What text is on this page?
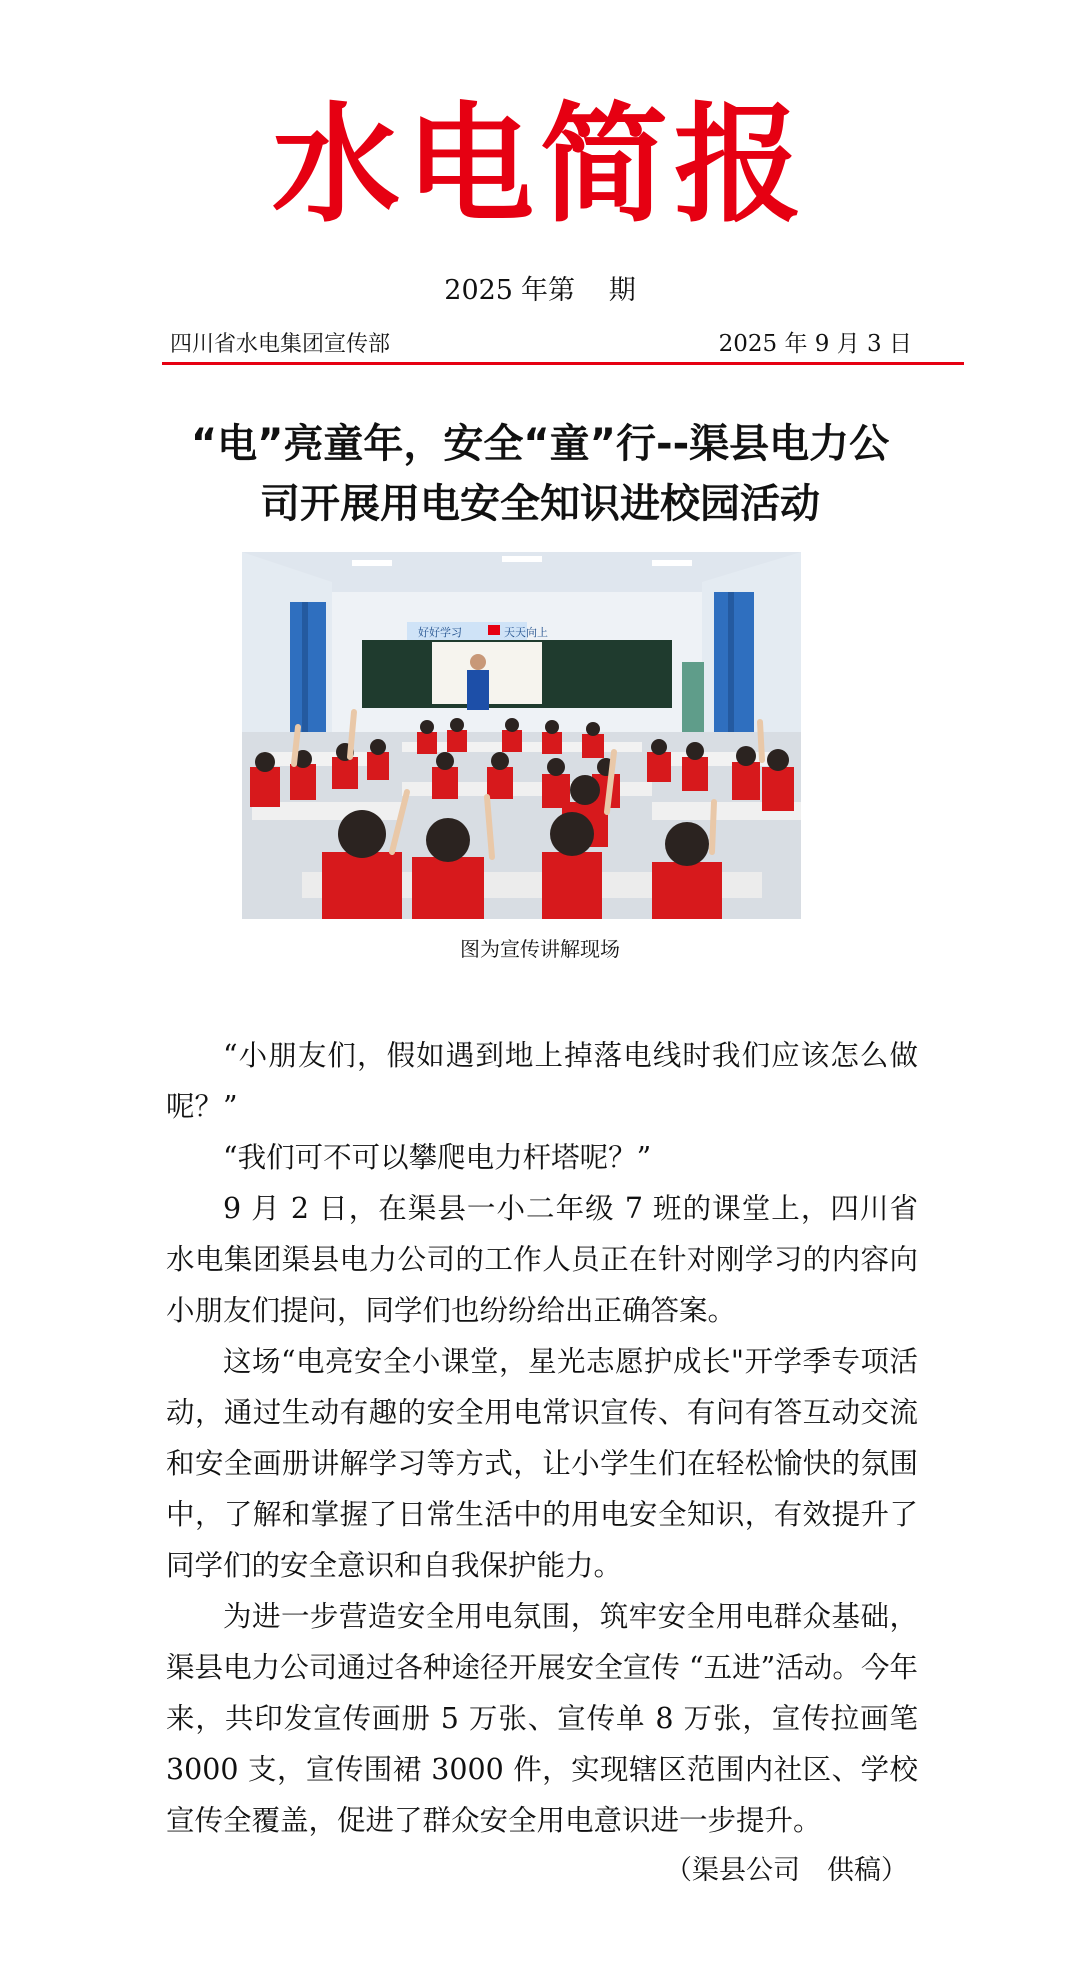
水电简报
2025 年第 期
四川省水电集团宣传部	2025 年 9 月 3 日
“电”亮童年，安全“童”行--渠县电力公
司开展用电安全知识进校园活动
好好学习	天天向上
图为宣传讲解现场

“小朋友们，假如遇到地上掉落电线时我们应该怎么做呢？”

“我们可不可以攀爬电力杆塔呢？”

9 月 2 日，在渠县一小二年级 7 班的课堂上，四川省水电集团渠县电力公司的工作人员正在针对刚学习的内容向小朋友们提问，同学们也纷纷给出正确答案。

这场“电亮安全小课堂，星光志愿护成长"开学季专项活动，通过生动有趣的安全用电常识宣传、有问有答互动交流和安全画册讲解学习等方式，让小学生们在轻松愉快的氛围中，了解和掌握了日常生活中的用电安全知识，有效提升了同学们的安全意识和自我保护能力。

为进一步营造安全用电氛围，筑牢安全用电群众基础，渠县电力公司通过各种途径开展安全宣传 “五进”活动。今年来，共印发宣传画册 5 万张、宣传单 8 万张，宣传拉画笔 3000 支，宣传围裙 3000 件，实现辖区范围内社区、学校宣传全覆盖，促进了群众安全用电意识进一步提升。

（渠县公司　供稿）
